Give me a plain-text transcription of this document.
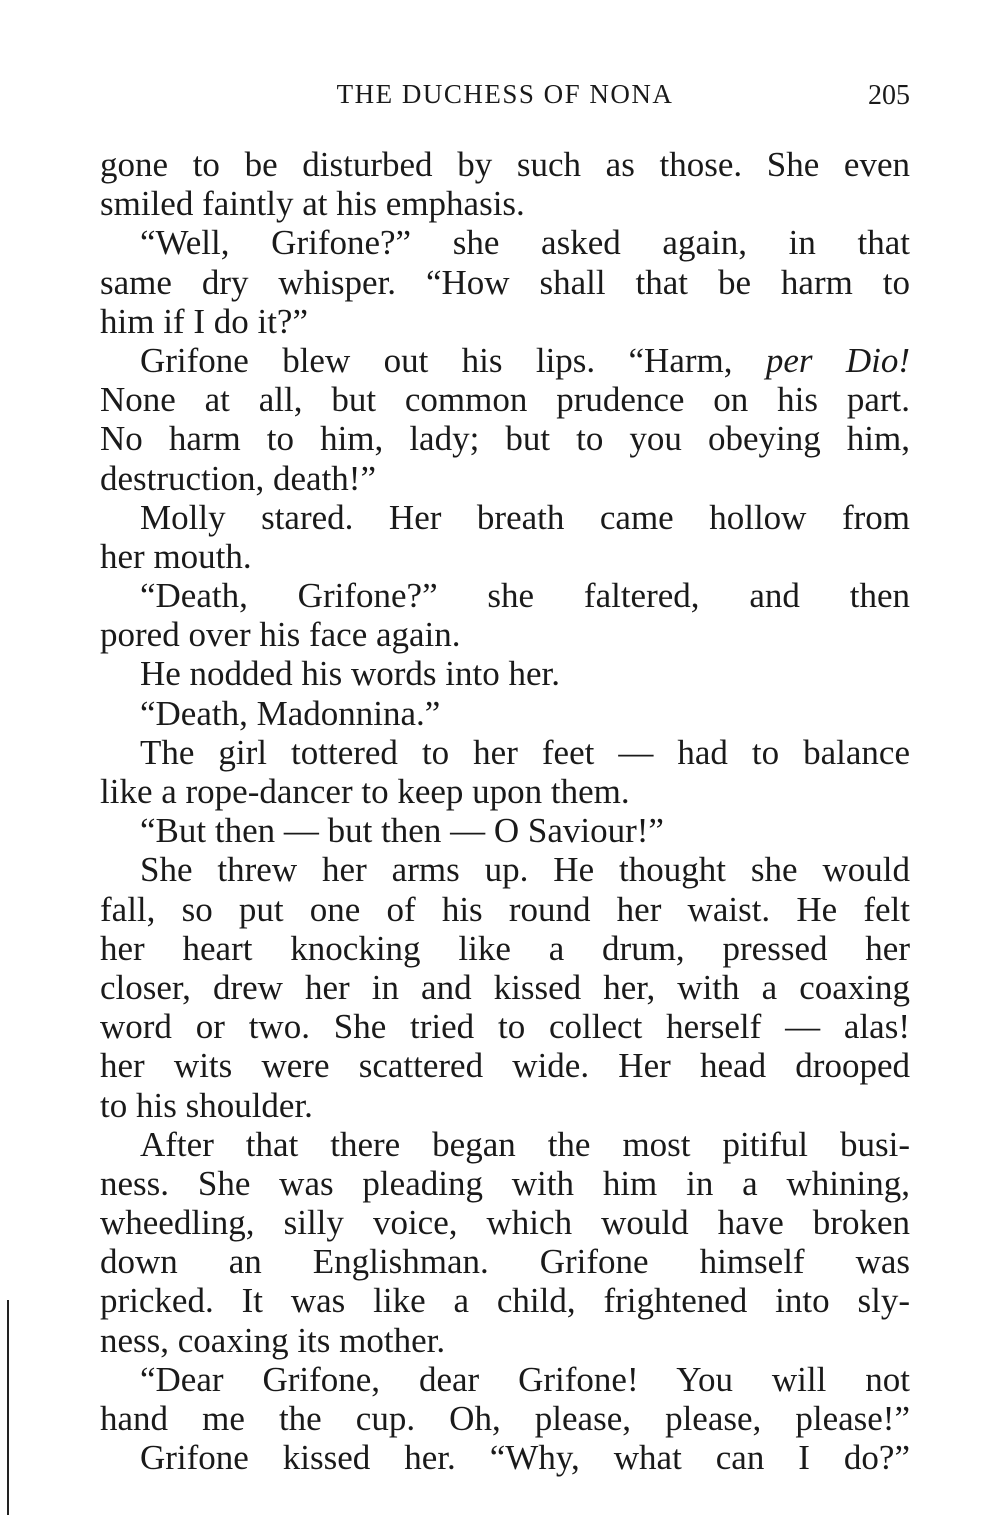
THE DUCHESS OF NONA	205
gone to be disturbed by such as those. She even
smiled faintly at his emphasis.
“Well, Grifone?” she asked again, in that
same dry whisper. “How shall that be harm to
him if I do it?”
Grifone blew out his lips. “Harm, per Dio!
None at all, but common prudence on his part.
No harm to him, lady; but to you obeying him,
destruction, death!”
Molly stared. Her breath came hollow from
her mouth.
“Death, Grifone?” she faltered, and then
pored over his face again.
He nodded his words into her.
“Death, Madonnina.”
The girl tottered to her feet — had to balance
like a rope-dancer to keep upon them.
“But then — but then — O Saviour!”
She threw her arms up. He thought she would
fall, so put one of his round her waist. He felt
her heart knocking like a drum, pressed her
closer, drew her in and kissed her, with a coaxing
word or two. She tried to collect herself — alas!
her wits were scattered wide. Her head drooped
to his shoulder.
After that there began the most pitiful busi-
ness. She was pleading with him in a whining,
wheedling, silly voice, which would have broken
down an Englishman. Grifone himself was
pricked. It was like a child, frightened into sly-
ness, coaxing its mother.
“Dear Grifone, dear Grifone! You will not
hand me the cup. Oh, please, please, please!”
Grifone kissed her. “Why, what can I do?”
